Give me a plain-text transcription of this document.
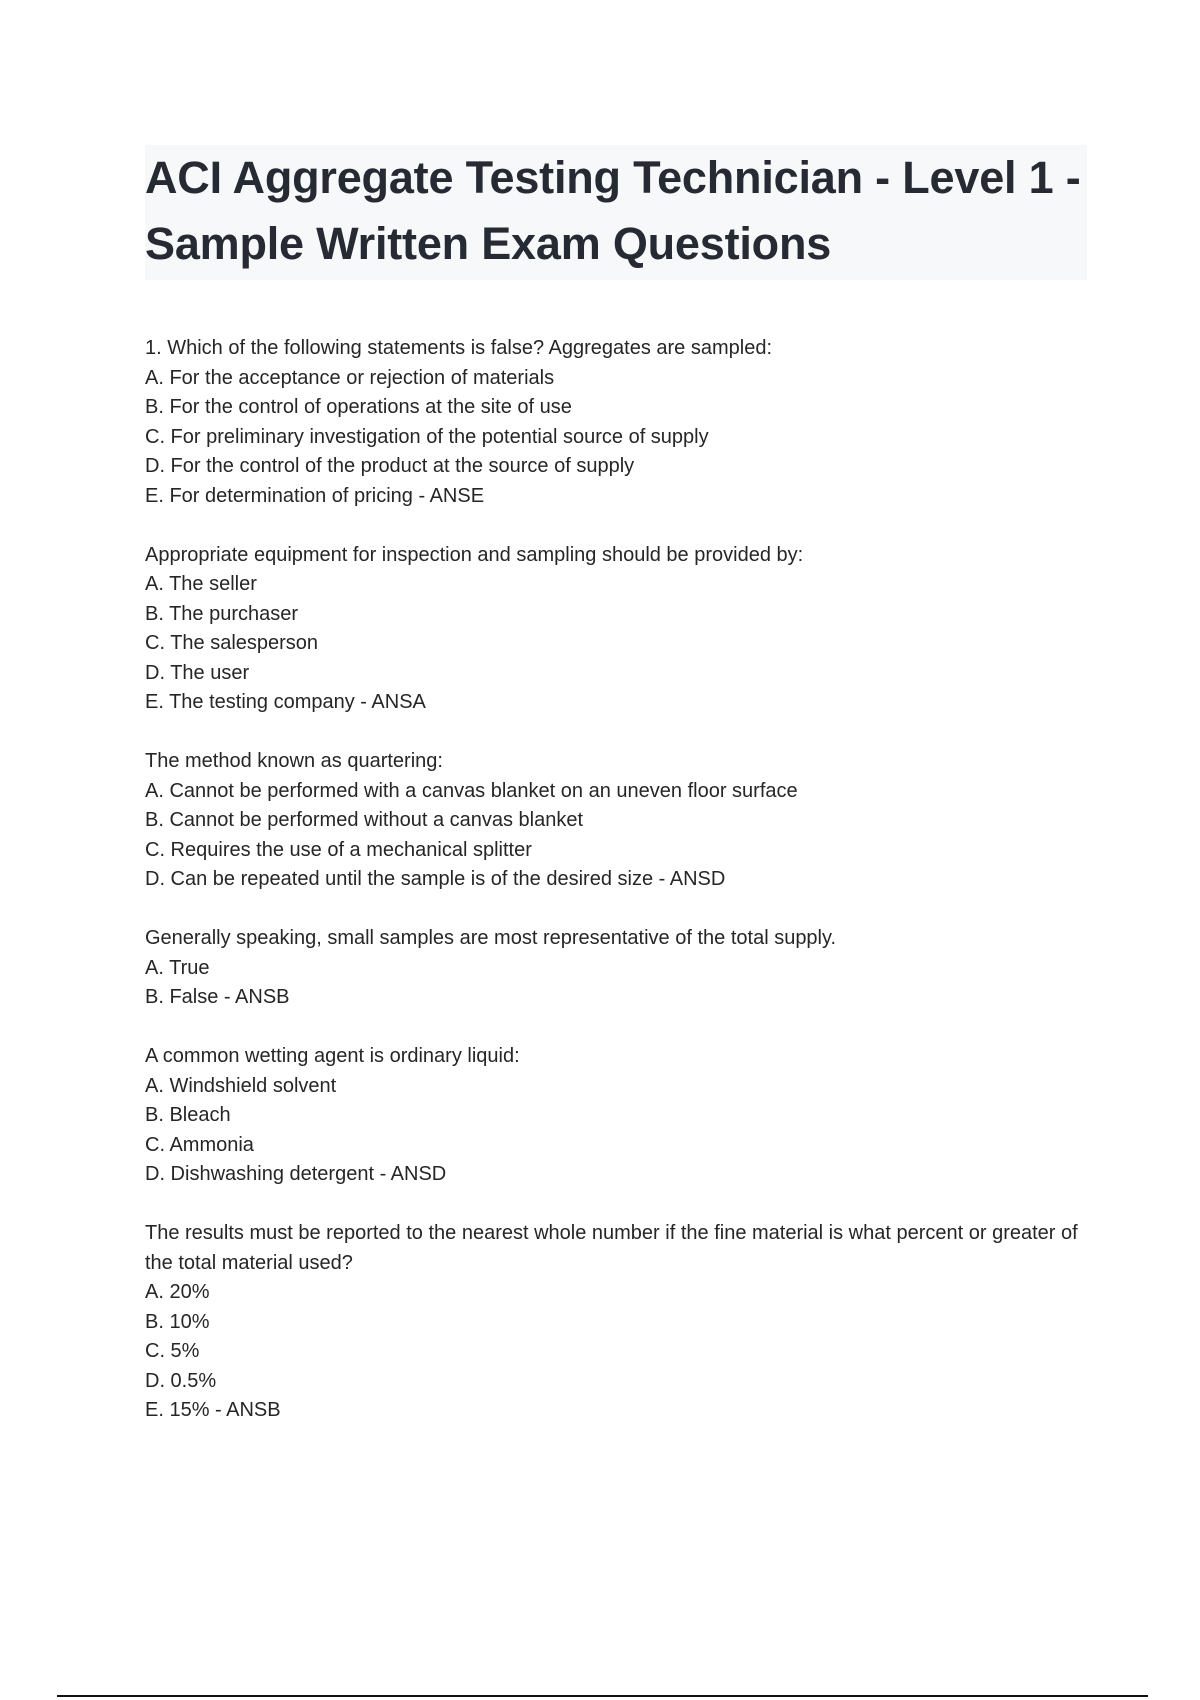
ACI Aggregate Testing Technician - Level 1 - Sample Written Exam Questions
1. Which of the following statements is false? Aggregates are sampled:
A. For the acceptance or rejection of materials
B. For the control of operations at the site of use
C. For preliminary investigation of the potential source of supply
D. For the control of the product at the source of supply
E. For determination of pricing - ANSE
Appropriate equipment for inspection and sampling should be provided by:
A. The seller
B. The purchaser
C. The salesperson
D. The user
E. The testing company - ANSA
The method known as quartering:
A. Cannot be performed with a canvas blanket on an uneven floor surface
B. Cannot be performed without a canvas blanket
C. Requires the use of a mechanical splitter
D. Can be repeated until the sample is of the desired size - ANSD
Generally speaking, small samples are most representative of the total supply.
A. True
B. False - ANSB
A common wetting agent is ordinary liquid:
A. Windshield solvent
B. Bleach
C. Ammonia
D. Dishwashing detergent - ANSD
The results must be reported to the nearest whole number if the fine material is what percent or greater of the total material used?
A. 20%
B. 10%
C. 5%
D. 0.5%
E. 15% - ANSB
